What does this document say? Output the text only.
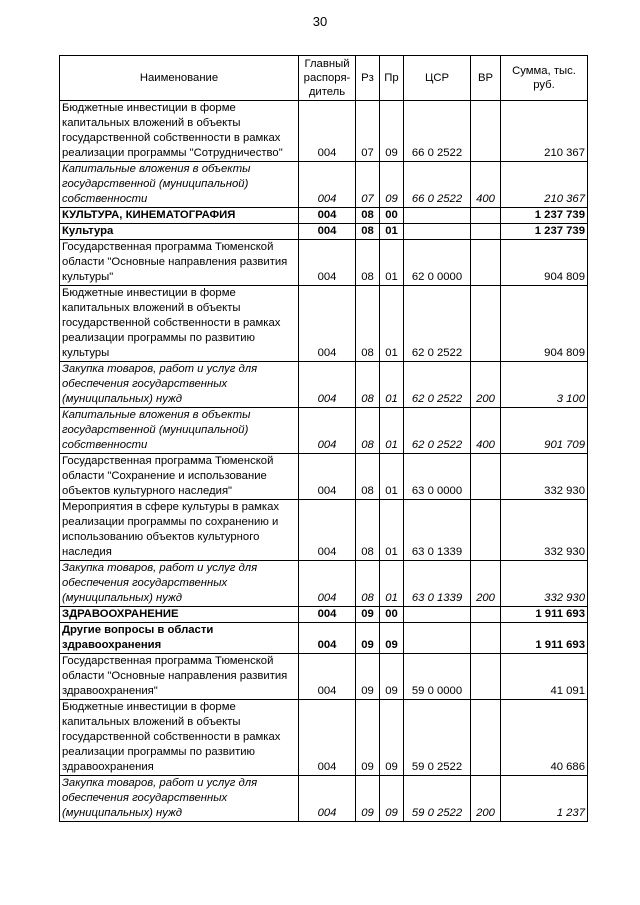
30
Наименование	Главный распоря-дитель	Рз	Пр	ЦСР	ВР	Сумма, тыс. руб.
Бюджетные инвестиции в форме капитальных вложений в объекты государственной собственности в рамках реализации программы "Сотрудничество"	004	07	09	66 0 2522		210 367
Капитальные вложения в объекты государственной (муниципальной) собственности	004	07	09	66 0 2522	400	210 367
КУЛЬТУРА, КИНЕМАТОГРАФИЯ	004	08	00			1 237 739
Культура	004	08	01			1 237 739
Государственная программа Тюменской области "Основные направления развития культуры"	004	08	01	62 0 0000		904 809
Бюджетные инвестиции в форме капитальных вложений в объекты государственной собственности в рамках реализации программы по развитию культуры	004	08	01	62 0 2522		904 809
Закупка товаров, работ и услуг для обеспечения государственных (муниципальных) нужд	004	08	01	62 0 2522	200	3 100
Капитальные вложения в объекты государственной (муниципальной) собственности	004	08	01	62 0 2522	400	901 709
Государственная программа Тюменской области "Сохранение и использование объектов культурного наследия"	004	08	01	63 0 0000		332 930
Мероприятия в сфере культуры в рамках реализации программы по сохранению и использованию объектов культурного наследия	004	08	01	63 0 1339		332 930
Закупка товаров, работ и услуг для обеспечения государственных (муниципальных) нужд	004	08	01	63 0 1339	200	332 930
ЗДРАВООХРАНЕНИЕ	004	09	00			1 911 693
Другие вопросы в области здравоохранения	004	09	09			1 911 693
Государственная программа Тюменской области "Основные направления развития здравоохранения"	004	09	09	59 0 0000		41 091
Бюджетные инвестиции в форме капитальных вложений в объекты государственной собственности в рамках реализации программы по развитию здравоохранения	004	09	09	59 0 2522		40 686
Закупка товаров, работ и услуг для обеспечения государственных (муниципальных) нужд	004	09	09	59 0 2522	200	1 237
